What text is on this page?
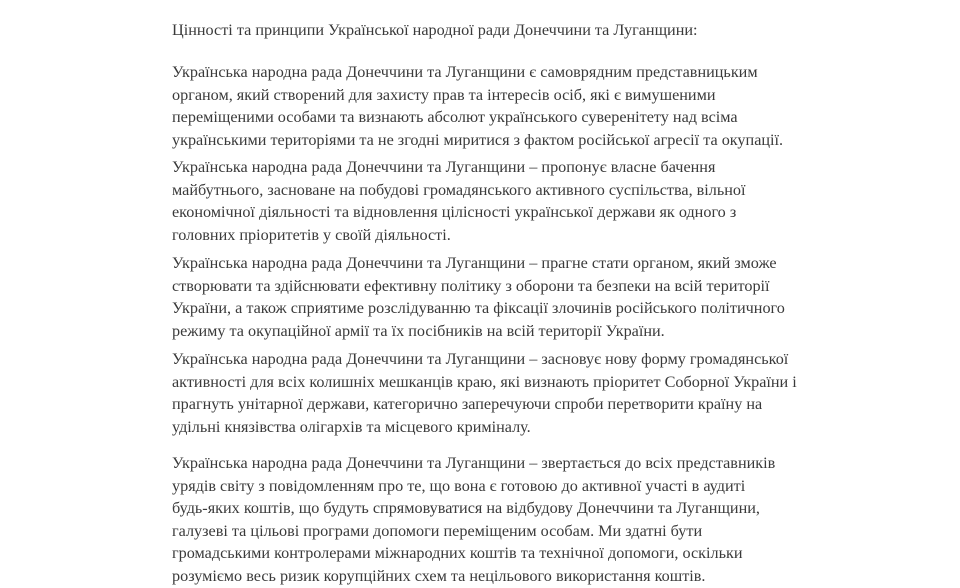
Цінності та принципи Української народної ради Донеччини та Луганщини:

Українська народна рада Донеччини та Луганщини є самоврядним представницьким
органом, який створений для захисту прав та інтересів осіб, які є вимушеними
переміщеними особами та визнають абсолют українського суверенітету над всіма
українськими територіями та не згодні миритися з фактом російської агресії та окупації.
Українська народна рада Донеччини та Луганщини – пропонує власне бачення
майбутнього, засноване на побудові громадянського активного суспільства, вільної
економічної діяльності та відновлення цілісності української держави як одного з
головних пріоритетів у своїй діяльності.
Українська народна рада Донеччини та Луганщини – прагне стати органом, який зможе
створювати та здійснювати ефективну політику з оборони та безпеки на всій території
України, а також сприятиме розслідуванню та фіксації злочинів російського політичного
режиму та окупаційної армії та їх посібників на всій території України.
Українська народна рада Донеччини та Луганщини – засновує нову форму громадянської
активності для всіх колишніх мешканців краю, які визнають пріоритет Соборної України і
прагнуть унітарної держави, категорично заперечуючи спроби перетворити країну на
удільні князівства олігархів та місцевого криміналу.
Українська народна рада Донеччини та Луганщини – звертається до всіх представників
урядів світу з повідомленням про те, що вона є готовою до активної участі в аудиті
будь-яких коштів, що будуть спрямовуватися на відбудову Донеччини та Луганщини,
галузеві та цільові програми допомоги переміщеним особам. Ми здатні бути
громадськими контролерами міжнародних коштів та технічної допомоги, оскільки
розуміємо весь ризик корупційних схем та нецільового використання коштів.
